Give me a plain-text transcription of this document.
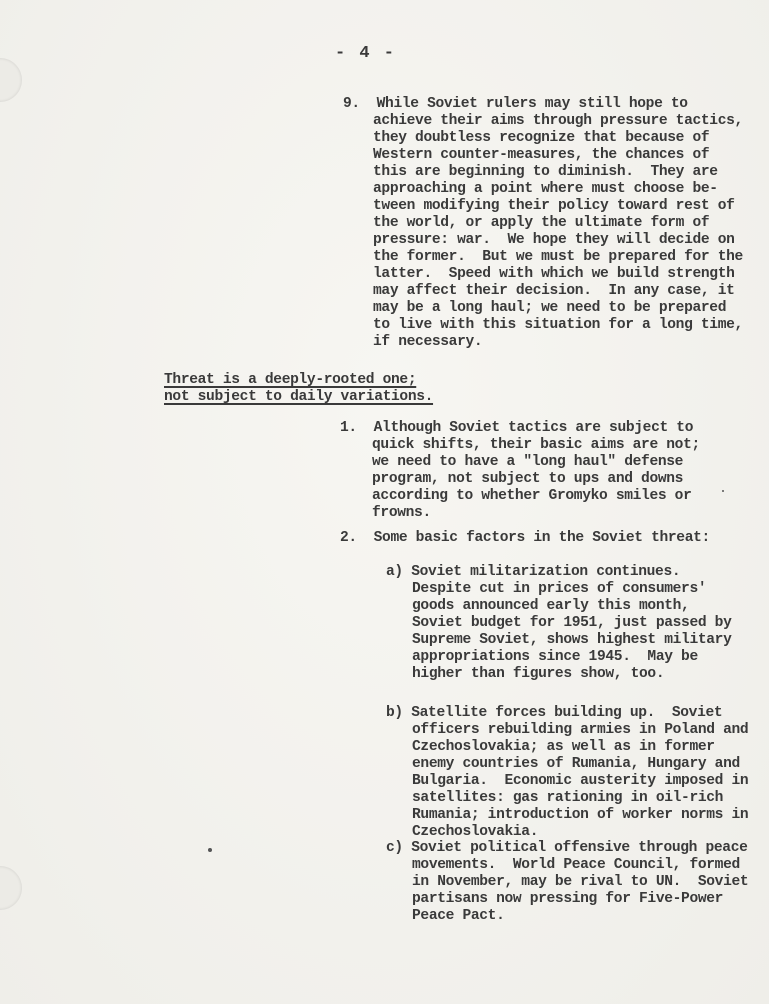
- 4 -
9.  While Soviet rulers may still hope to
achieve their aims through pressure tactics,
they doubtless recognize that because of
Western counter-measures, the chances of
this are beginning to diminish.  They are
approaching a point where must choose be-
tween modifying their policy toward rest of
the world, or apply the ultimate form of
pressure: war.  We hope they will decide on
the former.  But we must be prepared for the
latter.  Speed with which we build strength
may affect their decision.  In any case, it
may be a long haul; we need to be prepared
to live with this situation for a long time,
if necessary.
Threat is a deeply-rooted one;
not subject to daily variations.
1.  Although Soviet tactics are subject to
quick shifts, their basic aims are not;
we need to have a "long haul" defense
program, not subject to ups and downs
according to whether Gromyko smiles or
frowns.
2.  Some basic factors in the Soviet threat:
a) Soviet militarization continues.
Despite cut in prices of consumers'
goods announced early this month,
Soviet budget for 1951, just passed by
Supreme Soviet, shows highest military
appropriations since 1945.  May be
higher than figures show, too.
b) Satellite forces building up.  Soviet
officers rebuilding armies in Poland and
Czechoslovakia; as well as in former
enemy countries of Rumania, Hungary and
Bulgaria.  Economic austerity imposed in
satellites: gas rationing in oil-rich
Rumania; introduction of worker norms in
Czechoslovakia.
c) Soviet political offensive through peace
movements.  World Peace Council, formed
in November, may be rival to UN.  Soviet
partisans now pressing for Five-Power
Peace Pact.
